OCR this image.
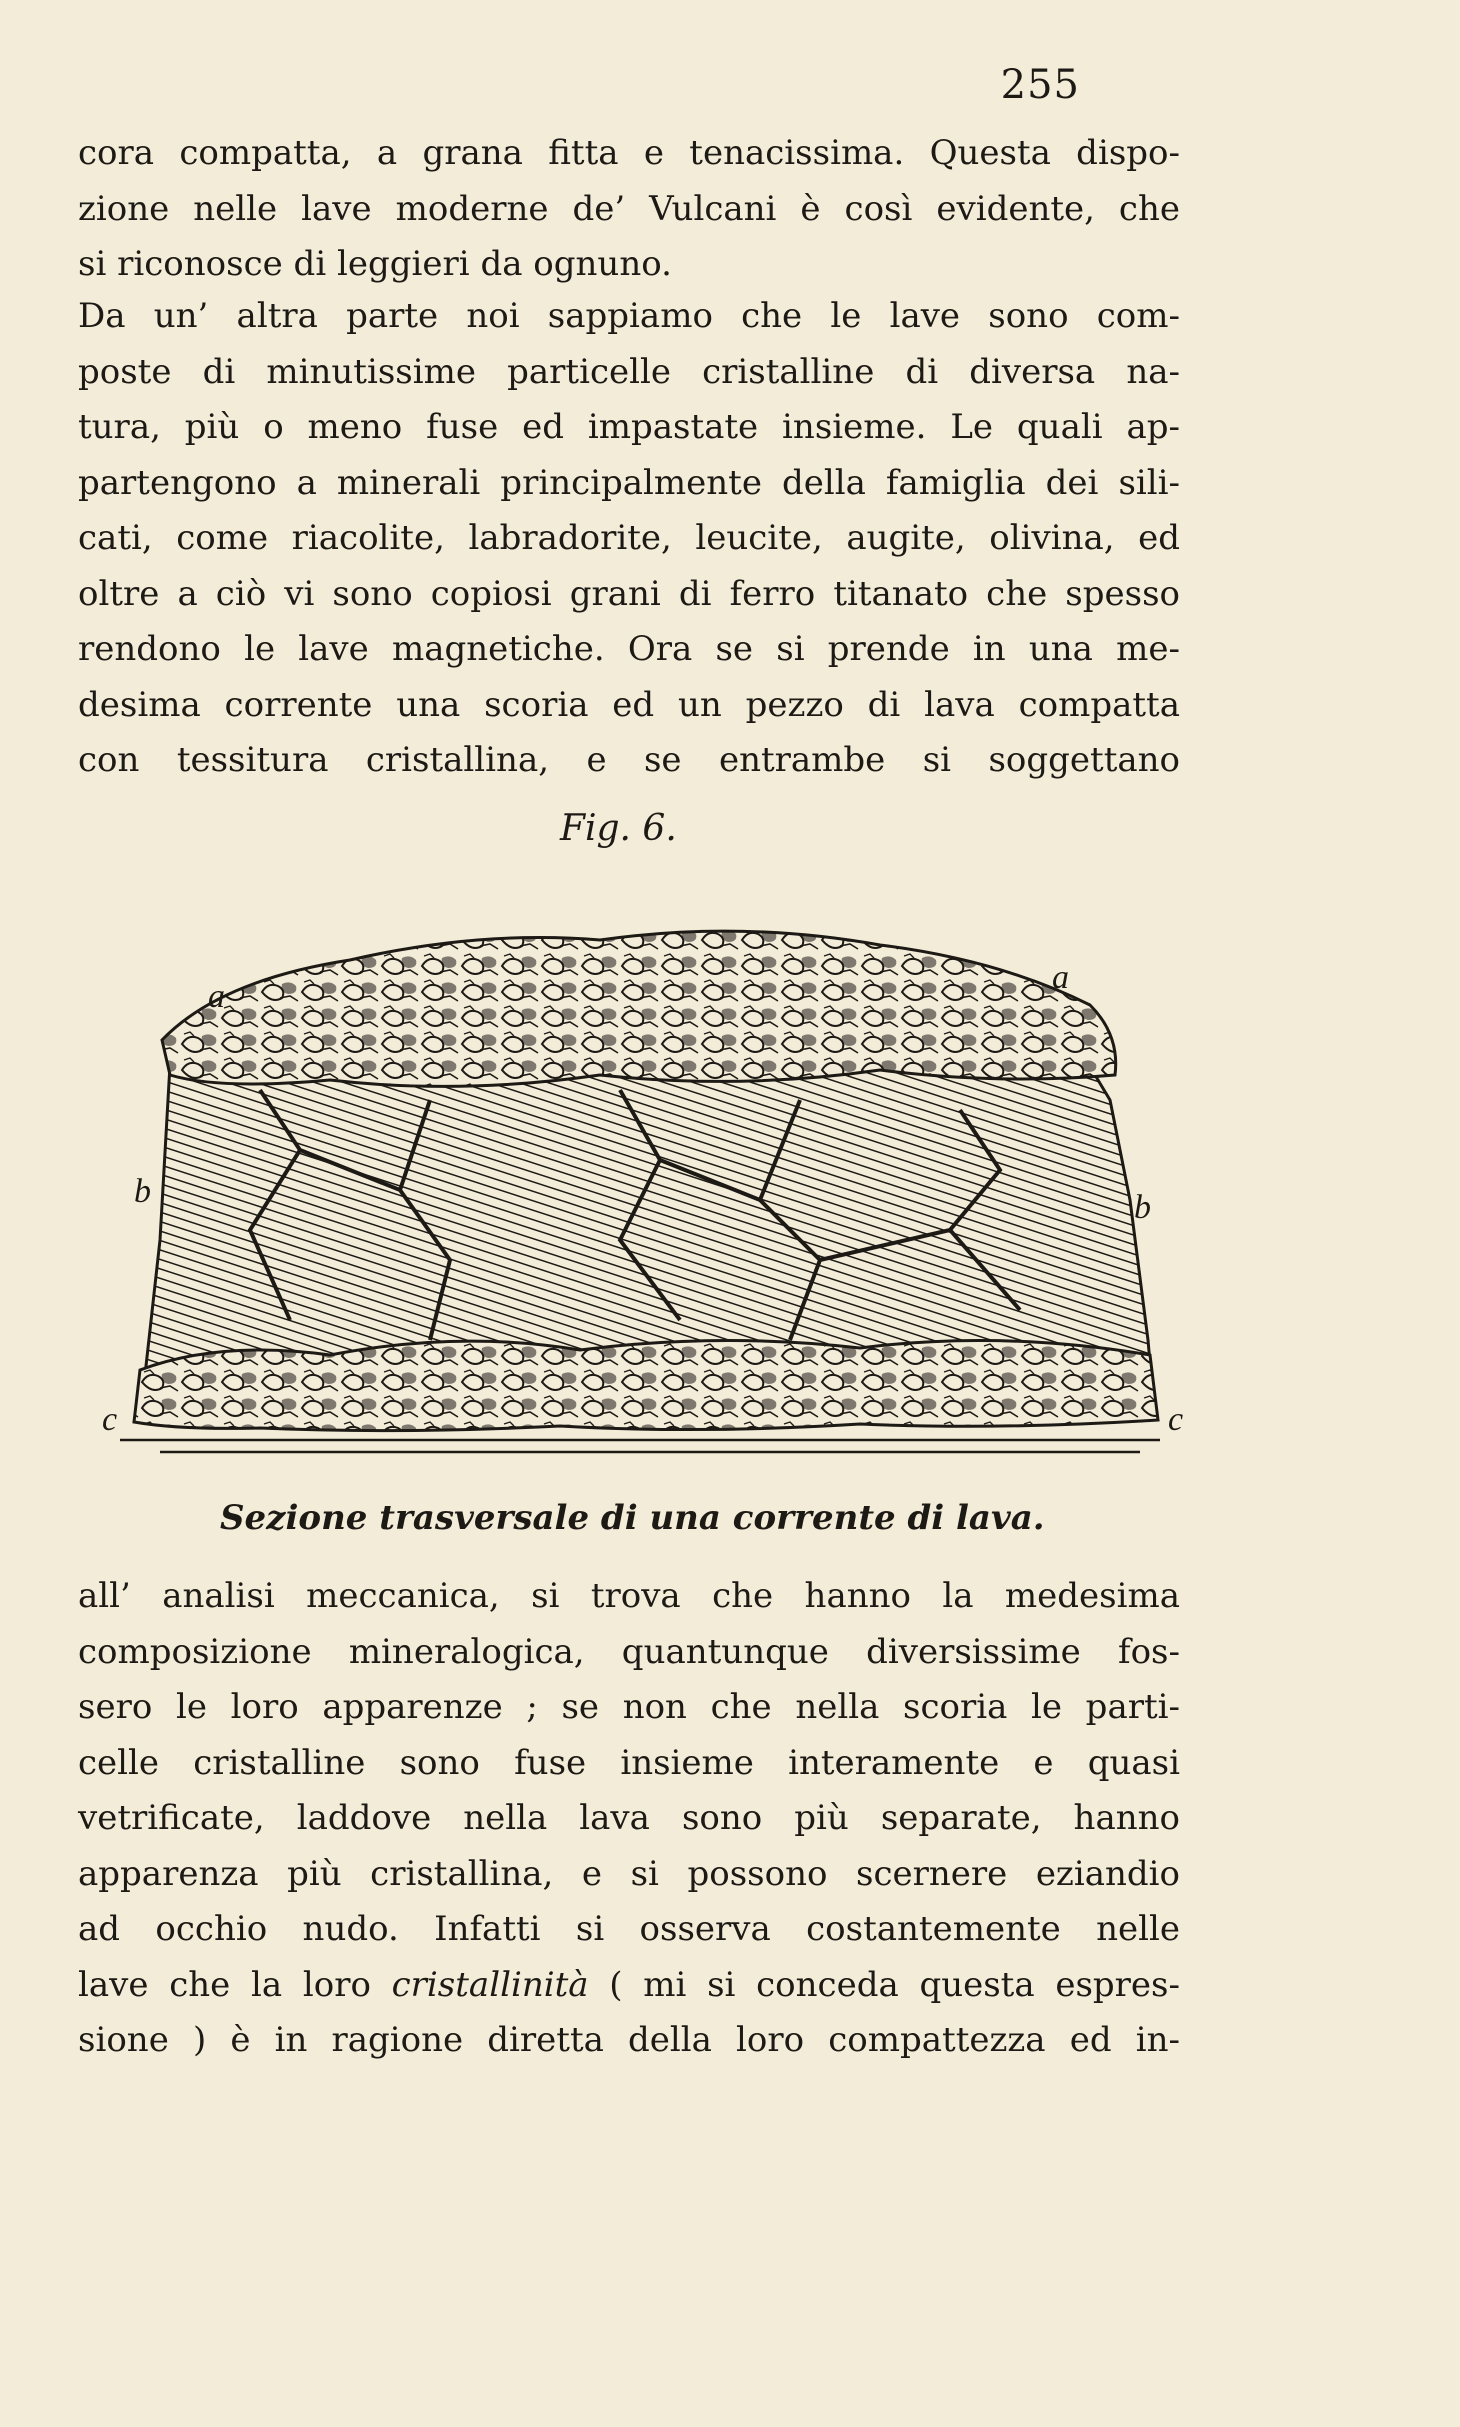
255
cora compatta, a grana fitta e tenacissima. Questa dispo-
zione nelle lave moderne de’ Vulcani è così evidente, che
si riconosce di leggieri da ognuno.
Da un’ altra parte noi sappiamo che le lave sono com-
poste di minutissime particelle cristalline di diversa na-
tura, più o meno fuse ed impastate insieme. Le quali ap-
partengono a minerali principalmente della famiglia dei sili-
cati, come riacolite, labradorite, leucite, augite, olivina, ed
oltre a ciò vi sono copiosi grani di ferro titanato che spesso
rendono le lave magnetiche. Ora se si prende in una me-
desima corrente una scoria ed un pezzo di lava compatta
con tessitura cristallina, e se entrambe si soggettano
Fig. 6.
a
a
b	b
c	c
Sezione trasversale di una corrente di lava.
all’ analisi meccanica, si trova che hanno la medesima
composizione mineralogica, quantunque diversissime fos-
sero le loro apparenze ; se non che nella scoria le parti-
celle cristalline sono fuse insieme interamente e quasi
vetrificate, laddove nella lava sono più separate, hanno
apparenza più cristallina, e si possono scernere eziandio
ad occhio nudo. Infatti si osserva costantemente nelle
lave che la loro cristallinità ( mi si conceda questa espres-
sione ) è in ragione diretta della loro compattezza ed in-
